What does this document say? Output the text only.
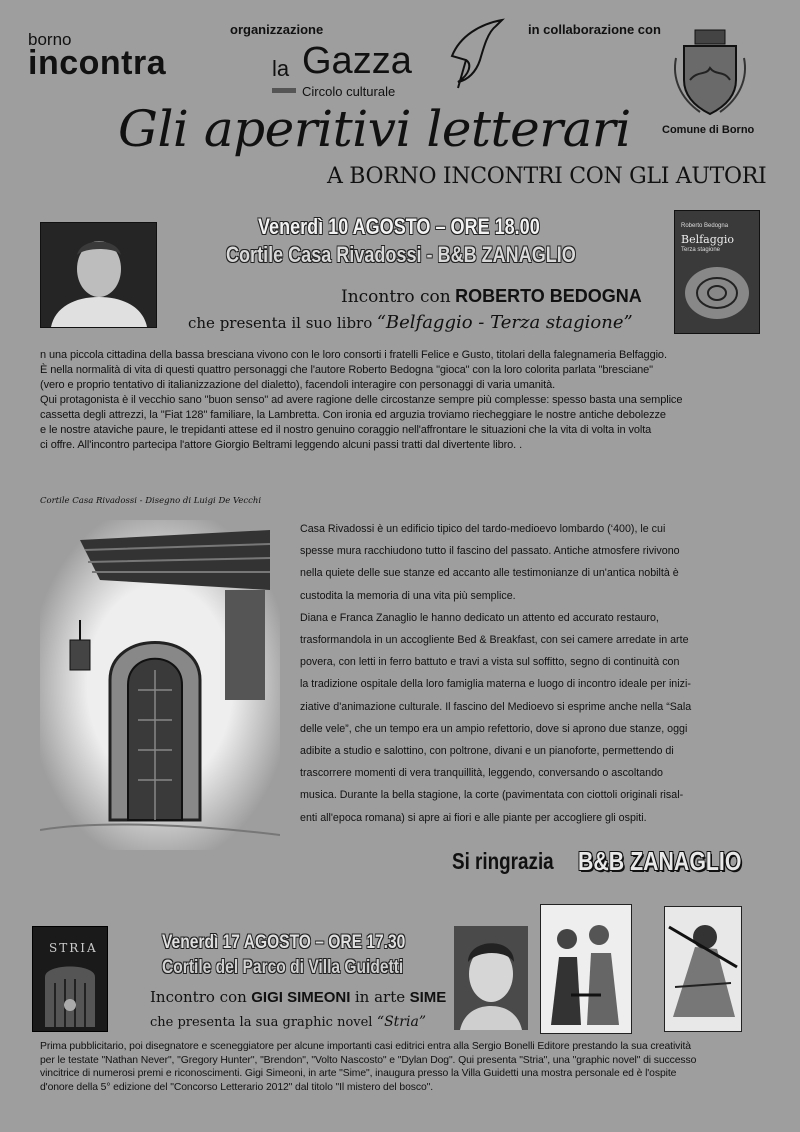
borno
incontra
organizzazione
la Gazza
Circolo culturale
in collaborazione con
Comune di Borno
Gli aperitivi letterari
A BORNO INCONTRI CON GLI AUTORI
Venerdì 10 AGOSTO – ORE 18.00
Cortile Casa Rivadossi - B&B ZANAGLIO
Incontro con ROBERTO BEDOGNA
che presenta il suo libro “Belfaggio - Terza stagione”
Roberto Bedogna
Belfaggio
Terza stagione
n una piccola cittadina della bassa bresciana vivono con le loro consorti i fratelli Felice e Gusto, titolari della falegnameria Belfaggio.
È nella normalità di vita di questi quattro personaggi che l'autore Roberto Bedogna "gioca" con la loro colorita parlata "bresciane"
(vero e proprio tentativo di italianizzazione del dialetto), facendoli interagire con personaggi di varia umanità.
Qui protagonista è il vecchio sano "buon senso" ad avere ragione delle circostanze sempre più complesse: spesso basta una semplice
cassetta degli attrezzi, la "Fiat 128" familiare, la Lambretta. Con ironia ed arguzia troviamo riecheggiare le nostre antiche debolezze
e le nostre ataviche paure, le trepidanti attese ed il nostro genuino coraggio nell'affrontare le situazioni che la vita di volta in volta
ci offre. All'incontro partecipa l'attore Giorgio Beltrami leggendo alcuni passi tratti dal divertente libro. .
Cortile Casa Rivadossi - Disegno di Luigi De Vecchi
Casa Rivadossi è un edificio tipico del tardo-medioevo lombardo (‘400), le cui
spesse mura racchiudono tutto il fascino del passato. Antiche atmosfere rivivono
nella quiete delle sue stanze ed accanto alle testimonianze di un'antica nobiltà è
custodita la memoria di una vita più semplice.
Diana e Franca Zanaglio le hanno dedicato un attento ed accurato restauro,
trasformandola in un accogliente Bed & Breakfast, con sei camere arredate in arte
povera, con letti in ferro battuto e travi a vista sul soffitto, segno di continuità con
la tradizione ospitale della loro famiglia materna e luogo di incontro ideale per inizi-
ziative d'animazione culturale. Il fascino del Medioevo si esprime anche nella “Sala
delle vele”, che un tempo era un ampio refettorio, dove si aprono due stanze, oggi
adibite a studio e salottino, con poltrone, divani e un pianoforte, permettendo di
trascorrere momenti di vera tranquillità, leggendo, conversando o ascoltando
musica. Durante la bella stagione, la corte (pavimentata con ciottoli originali risal-
enti all'epoca romana) si apre ai fiori e alle piante per accogliere gli ospiti.
Si ringrazia B&B ZANAGLIO
STRIA	Venerdì 17 AGOSTO – ORE 17.30
Cortile del Parco di Villa Guidetti
Incontro con GIGI SIMEONI in arte SIME
che presenta la sua graphic novel “Stria”
Prima pubblicitario, poi disegnatore e sceneggiatore per alcune importanti casi editrici entra alla Sergio Bonelli Editore prestando la sua creatività
per le testate "Nathan Never", "Gregory Hunter", "Brendon", "Volto Nascosto" e "Dylan Dog". Qui presenta "Stria", una "graphic novel" di successo
vincitrice di numerosi premi e riconoscimenti. Gigi Simeoni, in arte "Sime", inaugura presso la Villa Guidetti una mostra personale ed è l'ospite
d'onore della 5° edizione del "Concorso Letterario 2012" dal titolo "Il mistero del bosco".
